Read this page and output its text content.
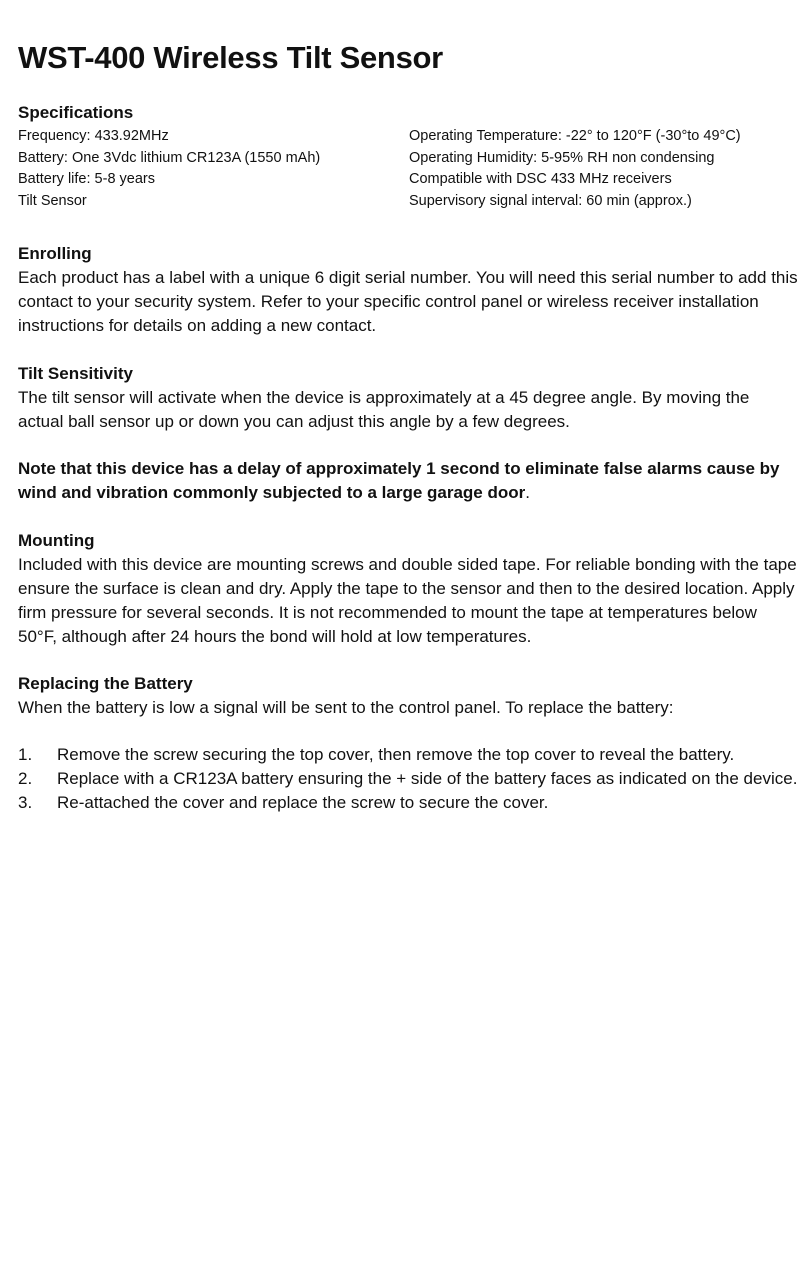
WST-400 Wireless Tilt Sensor
Specifications
Frequency: 433.92MHz
Battery: One 3Vdc lithium CR123A (1550 mAh)
Battery life: 5-8 years
Tilt Sensor
Operating Temperature: -22° to 120°F (-30°to 49°C)
Operating Humidity: 5-95% RH non condensing
Compatible with DSC 433 MHz receivers
Supervisory signal interval: 60 min (approx.)
Enrolling

Each product has a label with a unique 6 digit serial number. You will need this serial number to add this contact to your security system. Refer to your specific control panel or wireless receiver installation instructions for details on adding a new contact.

Tilt Sensitivity

The tilt sensor will activate when the device is approximately at a 45 degree angle. By moving the actual ball sensor up or down you can adjust this angle by a few degrees.

Note that this device has a delay of approximately 1 second to eliminate false alarms cause by wind and vibration commonly subjected to a large garage door.

Mounting

Included with this device are mounting screws and double sided tape. For reliable bonding with the tape ensure the surface is clean and dry. Apply the tape to the sensor and then to the desired location. Apply firm pressure for several seconds. It is not recommended to mount the tape at temperatures below 50°F, although after 24 hours the bond will hold at low temperatures.

Replacing the Battery

When the battery is low a signal will be sent to the control panel. To replace the battery:

1. Remove the screw securing the top cover, then remove the top cover to reveal the battery.
2. Replace with a CR123A battery ensuring the + side of the battery faces as indicated on the device.
3. Re-attached the cover and replace the screw to secure the cover.
